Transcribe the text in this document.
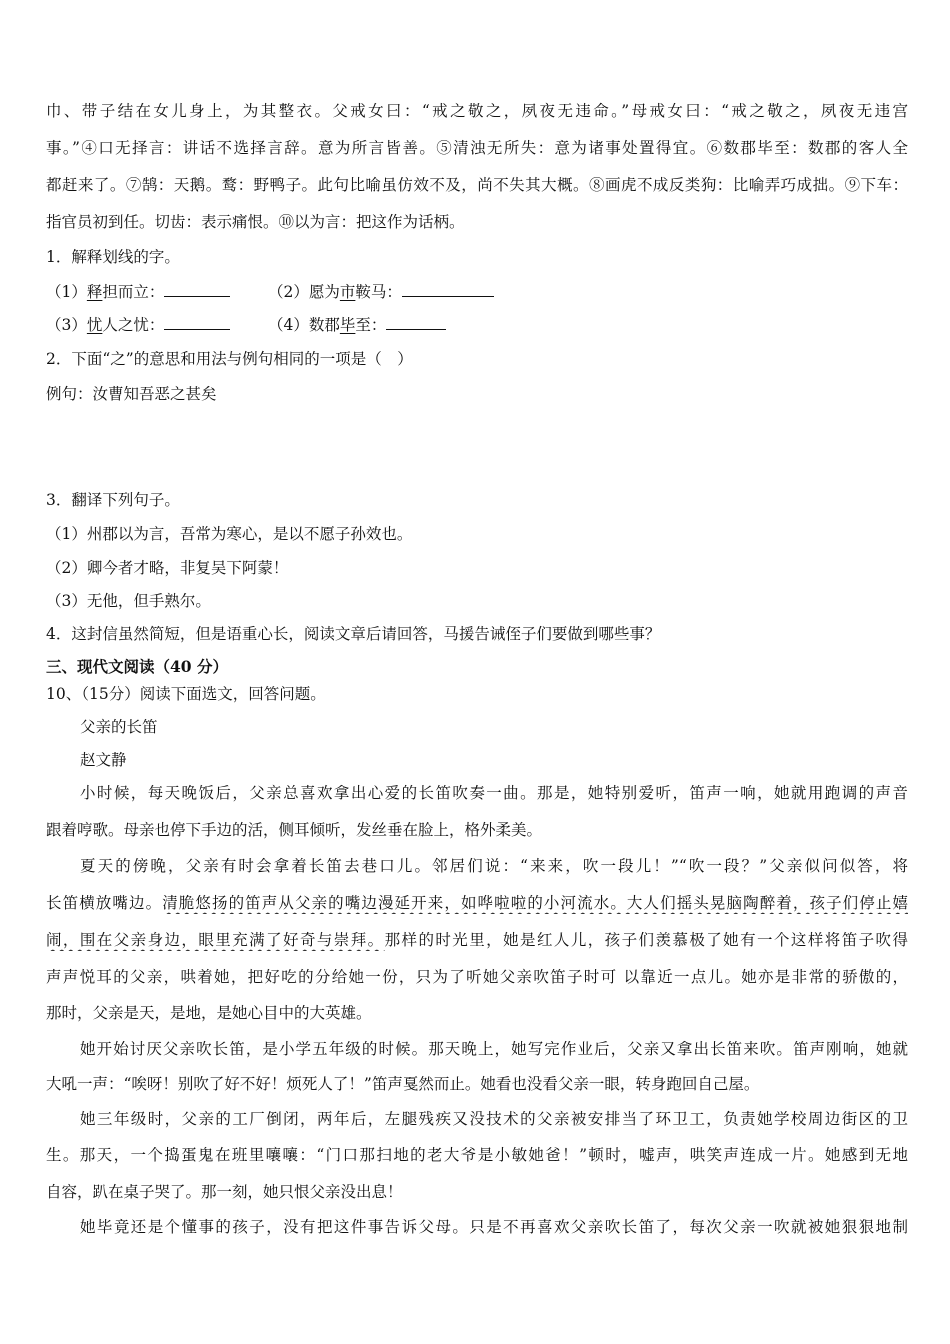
巾、带子结在女儿身上，为其整衣。父戒女曰：“戒之敬之，夙夜无违命。”母戒女曰：“戒之敬之，夙夜无违宫
事。”④口无择言：讲话不选择言辞。意为所言皆善。⑤清浊无所失：意为诸事处置得宜。⑥数郡毕至：数郡的客人全
都赶来了。⑦鹄：天鹅。鹜：野鸭子。此句比喻虽仿效不及，尚不失其大概。⑧画虎不成反类狗：比喻弄巧成拙。⑨下车：
指官员初到任。切齿：表示痛恨。⑩以为言：把这作为话柄。
1．解释划线的字。
（1）释担而立：	（2）愿为市鞍马：
（3）忧人之忧：	（4）数郡毕至：
2．下面“之”的意思和用法与例句相同的一项是（　）
例句：汝曹知吾恶之甚矣
3．翻译下列句子。
（1）州郡以为言，吾常为寒心，是以不愿子孙效也。
（2）卿今者才略，非复吴下阿蒙！
（3）无他，但手熟尔。
4．这封信虽然简短，但是语重心长，阅读文章后请回答，马援告诫侄子们要做到哪些事？
三、现代文阅读（40 分）
10、（15分）阅读下面选文，回答问题。
父亲的长笛
赵文静
小时候，每天晚饭后，父亲总喜欢拿出心爱的长笛吹奏一曲。那是，她特别爱听，笛声一响，她就用跑调的声音
跟着哼歌。母亲也停下手边的活，侧耳倾听，发丝垂在脸上，格外柔美。
夏天的傍晚，父亲有时会拿着长笛去巷口儿。邻居们说：“来来，吹一段儿！”“吹一段？”父亲似问似答，将
长笛横放嘴边。清脆悠扬的笛声从父亲的嘴边漫延开来，如哗啦啦的小河流水。大人们摇头晃脑陶醉着，孩子们停止嬉
闹，围在父亲身边，眼里充满了好奇与崇拜。那样的时光里，她是红人儿，孩子们羡慕极了她有一个这样将笛子吹得
声声悦耳的父亲，哄着她，把好吃的分给她一份，只为了听她父亲吹笛子时可 以靠近一点儿。她亦是非常的骄傲的，
那时，父亲是天，是地，是她心目中的大英雄。
她开始讨厌父亲吹长笛，是小学五年级的时候。那天晚上，她写完作业后，父亲又拿出长笛来吹。笛声刚响，她就
大吼一声：“唉呀！别吹了好不好！烦死人了！”笛声戛然而止。她看也没看父亲一眼，转身跑回自己屋。
她三年级时，父亲的工厂倒闭，两年后，左腿残疾又没技术的父亲被安排当了环卫工，负责她学校周边街区的卫
生。那天，一个捣蛋鬼在班里嚷嚷：“门口那扫地的老大爷是小敏她爸！”顿时，嘘声，哄笑声连成一片。她感到无地
自容，趴在桌子哭了。那一刻，她只恨父亲没出息！
她毕竟还是个懂事的孩子，没有把这件事告诉父母。只是不再喜欢父亲吹长笛了，每次父亲一吹就被她狠狠地制
